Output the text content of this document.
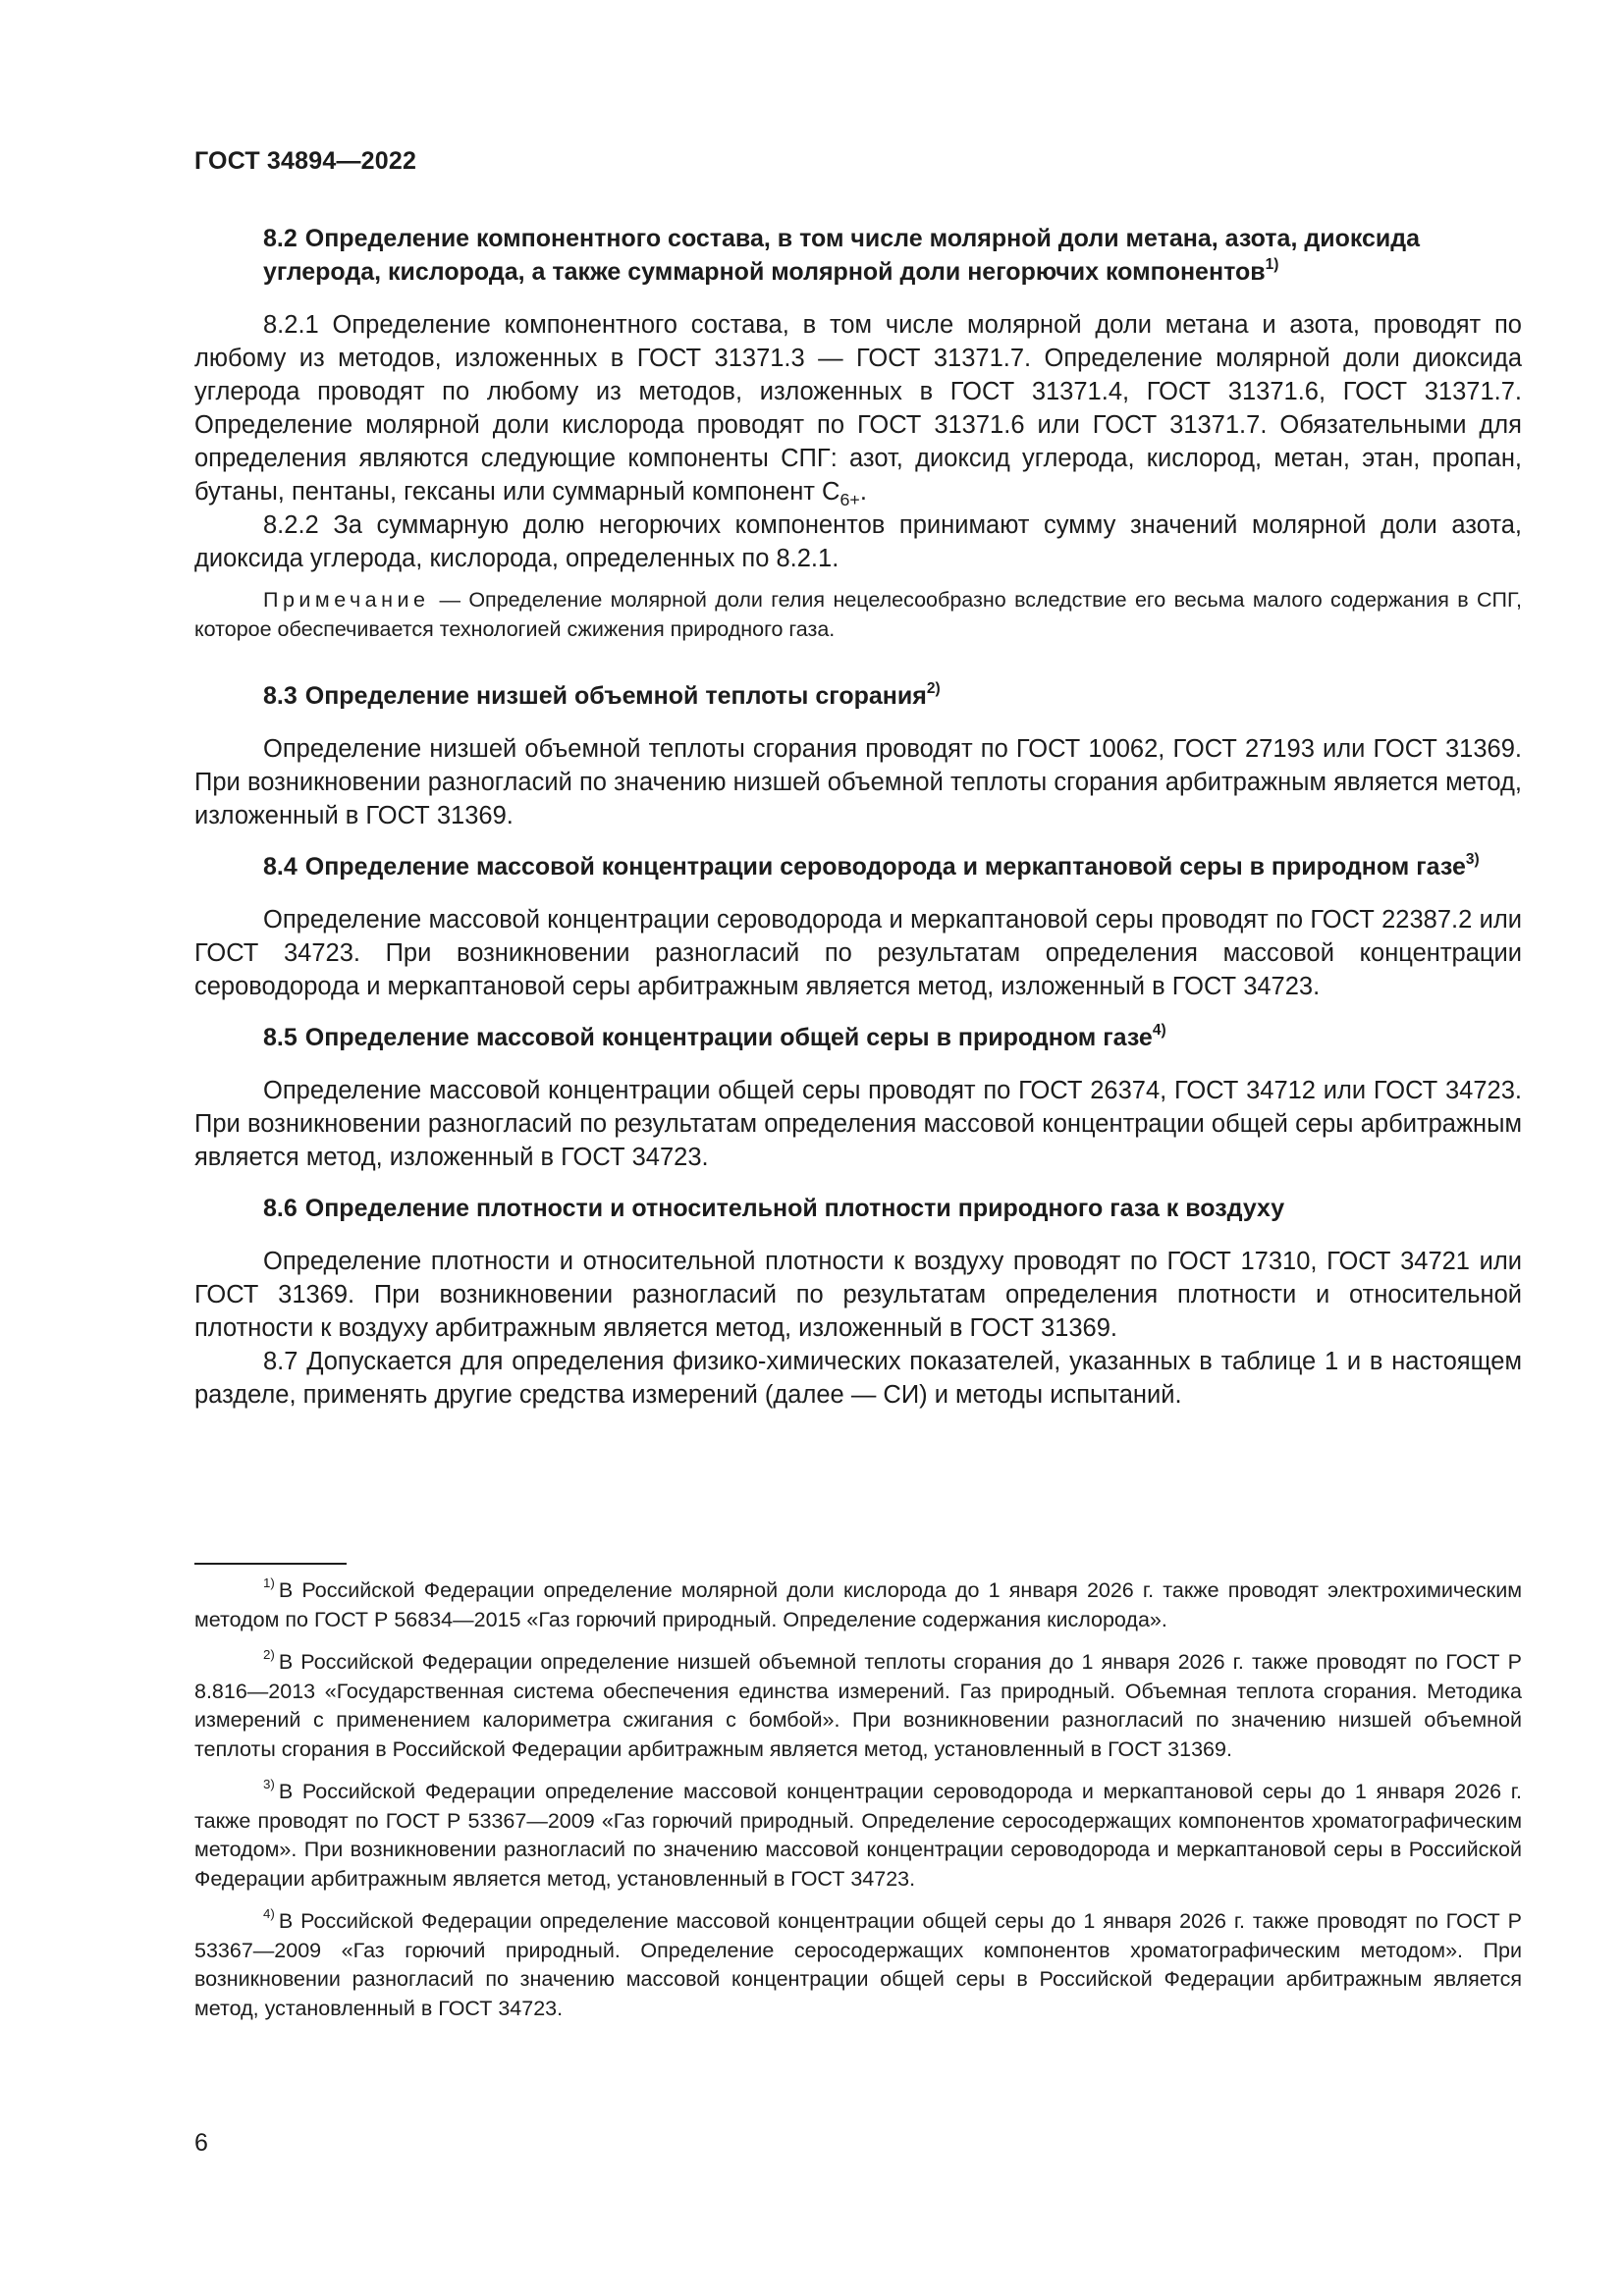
ГОСТ 34894—2022
8.2 Определение компонентного состава, в том числе молярной доли метана, азота, диоксида углерода, кислорода, а также суммарной молярной доли негорючих компонентов$^{1)}$

8.2.1 Определение компонентного состава, в том числе молярной доли метана и азота, проводят по любому из методов, изложенных в ГОСТ 31371.3 — ГОСТ 31371.7. Определение молярной доли диоксида углерода проводят по любому из методов, изложенных в ГОСТ 31371.4, ГОСТ 31371.6, ГОСТ 31371.7. Определение молярной доли кислорода проводят по ГОСТ 31371.6 или ГОСТ 31371.7. Обязательными для определения являются следующие компоненты СПГ: азот, диоксид углерода, кислород, метан, этан, пропан, бутаны, пентаны, гексаны или суммарный компонент $С_{6+}$.

8.2.2 За суммарную долю негорючих компонентов принимают сумму значений молярной доли азота, диоксида углерода, кислорода, определенных по 8.2.1.

Примечание — Определение молярной доли гелия нецелесообразно вследствие его весьма малого содержания в СПГ, которое обеспечивается технологией сжижения природного газа.

8.3 Определение низшей объемной теплоты сгорания$^{2)}$

Определение низшей объемной теплоты сгорания проводят по ГОСТ 10062, ГОСТ 27193 или ГОСТ 31369. При возникновении разногласий по значению низшей объемной теплоты сгорания арбитражным является метод, изложенный в ГОСТ 31369.

8.4 Определение массовой концентрации сероводорода и меркаптановой серы в природном газе$^{3)}$

Определение массовой концентрации сероводорода и меркаптановой серы проводят по ГОСТ 22387.2 или ГОСТ 34723. При возникновении разногласий по результатам определения массовой концентрации сероводорода и меркаптановой серы арбитражным является метод, изложенный в ГОСТ 34723.

8.5 Определение массовой концентрации общей серы в природном газе$^{4)}$

Определение массовой концентрации общей серы проводят по ГОСТ 26374, ГОСТ 34712 или ГОСТ 34723. При возникновении разногласий по результатам определения массовой концентрации общей серы арбитражным является метод, изложенный в ГОСТ 34723.

8.6 Определение плотности и относительной плотности природного газа к воздуху

Определение плотности и относительной плотности к воздуху проводят по ГОСТ 17310, ГОСТ 34721 или ГОСТ 31369. При возникновении разногласий по результатам определения плотности и относительной плотности к воздуху арбитражным является метод, изложенный в ГОСТ 31369.

8.7 Допускается для определения физико-химических показателей, указанных в таблице 1 и в настоящем разделе, применять другие средства измерений (далее — СИ) и методы испытаний.

$^{1)}$ В Российской Федерации определение молярной доли кислорода до 1 января 2026 г. также проводят электрохимическим методом по ГОСТ Р 56834—2015 «Газ горючий природный. Определение содержания кислорода».

$^{2)}$ В Российской Федерации определение низшей объемной теплоты сгорания до 1 января 2026 г. также проводят по ГОСТ Р 8.816—2013 «Государственная система обеспечения единства измерений. Газ природный. Объемная теплота сгорания. Методика измерений с применением калориметра сжигания с бомбой». При возникновении разногласий по значению низшей объемной теплоты сгорания в Российской Федерации арбитражным является метод, установленный в ГОСТ 31369.

$^{3)}$ В Российской Федерации определение массовой концентрации сероводорода и меркаптановой серы до 1 января 2026 г. также проводят по ГОСТ Р 53367—2009 «Газ горючий природный. Определение серосодержащих компонентов хроматографическим методом». При возникновении разногласий по значению массовой концентрации сероводорода и меркаптановой серы в Российской Федерации арбитражным является метод, установленный в ГОСТ 34723.

$^{4)}$ В Российской Федерации определение массовой концентрации общей серы до 1 января 2026 г. также проводят по ГОСТ Р 53367—2009 «Газ горючий природный. Определение серосодержащих компонентов хроматографическим методом». При возникновении разногласий по значению массовой концентрации общей серы в Российской Федерации арбитражным является метод, установленный в ГОСТ 34723.

6
